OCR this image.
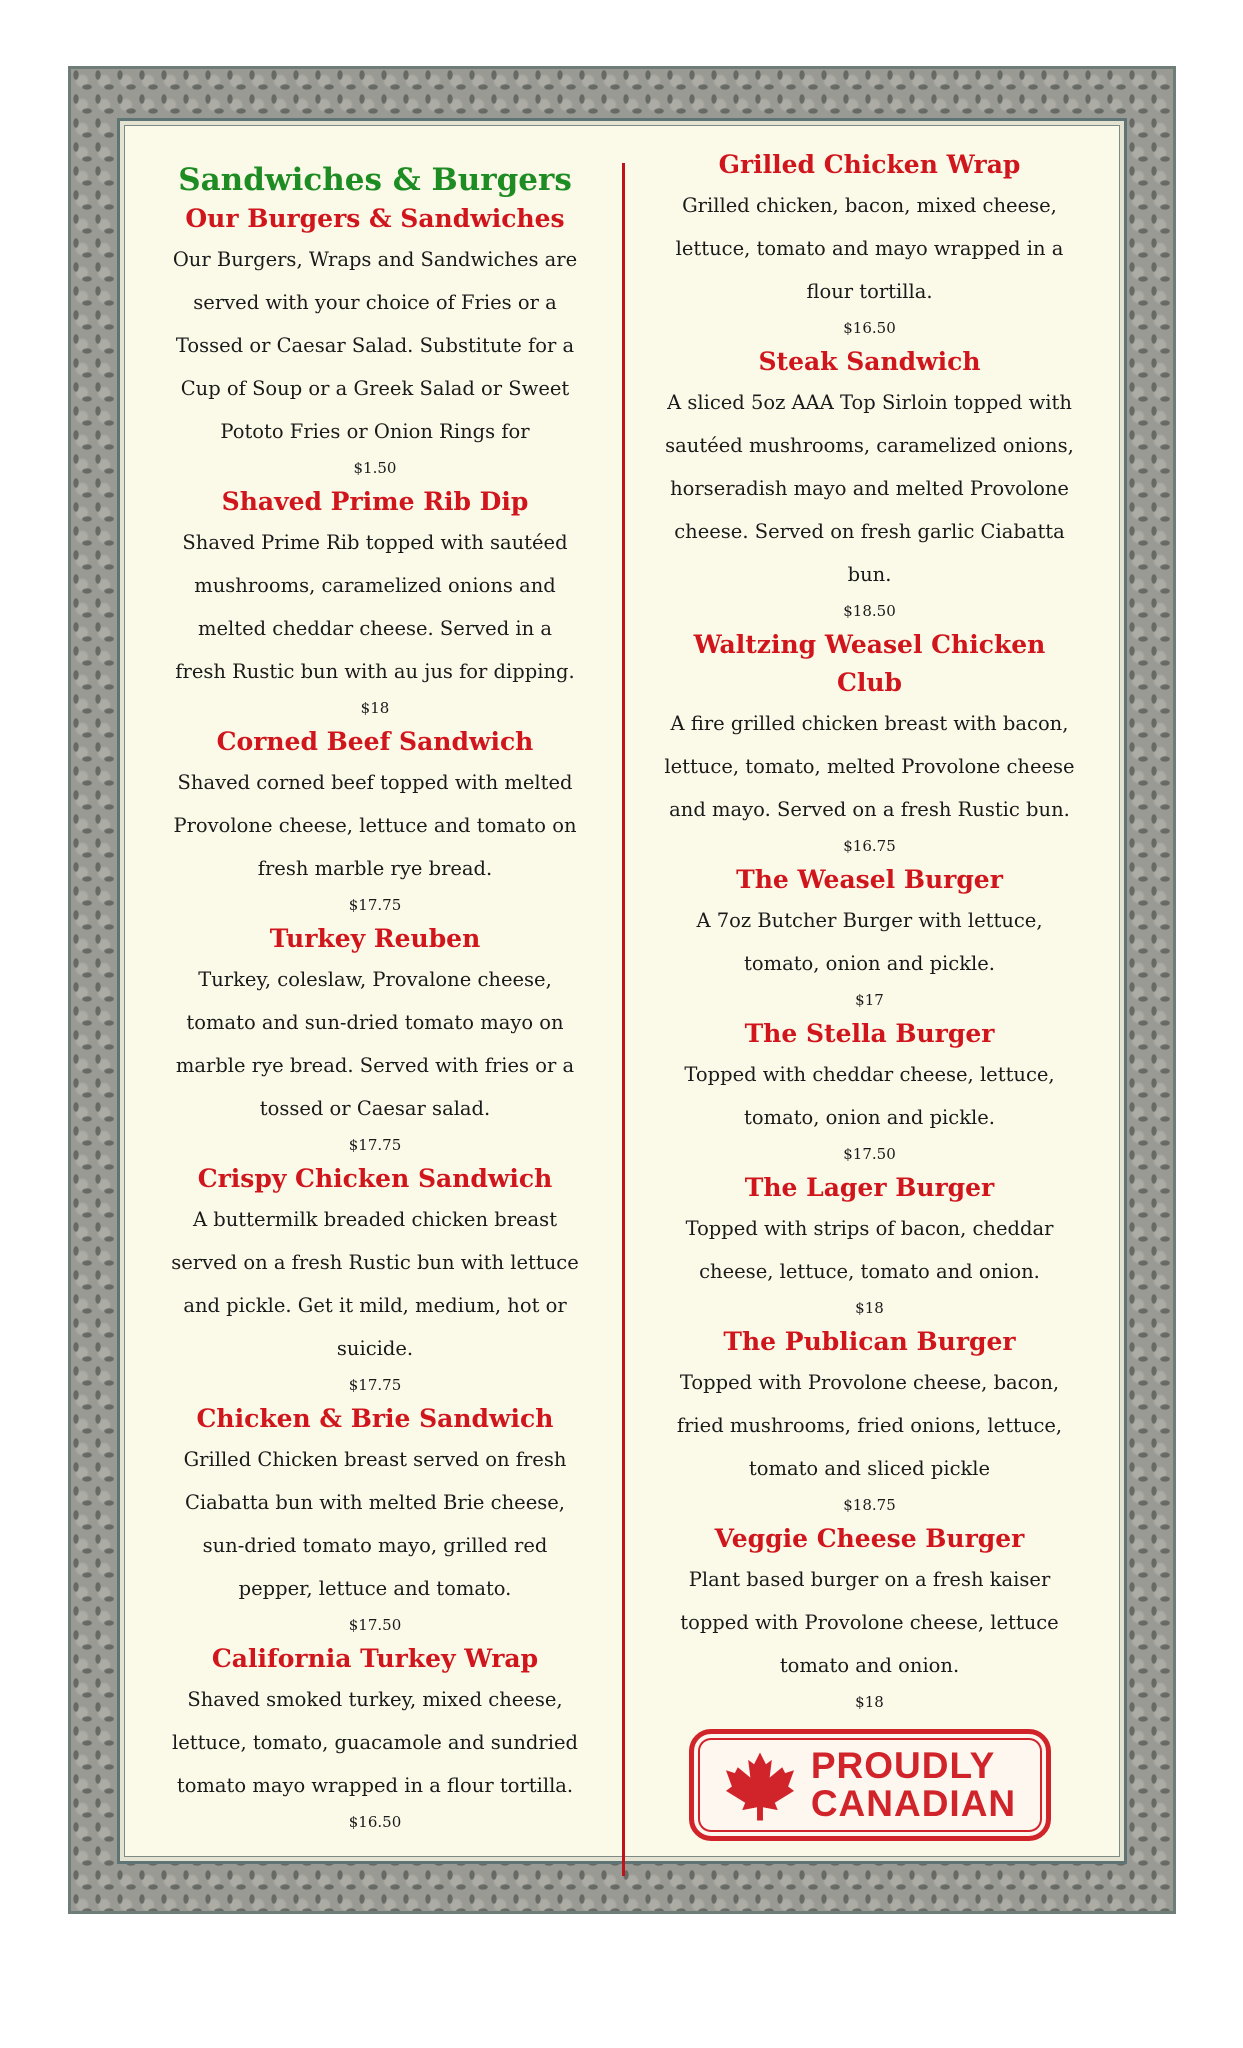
Sandwiches & Burgers
Our Burgers & Sandwiches

Our Burgers, Wraps and Sandwiches are served with your choice of Fries or a Tossed or Caesar Salad. Substitute for a Cup of Soup or a Greek Salad or Sweet Pototo Fries or Onion Rings for

$1.50

Shaved Prime Rib Dip

Shaved Prime Rib topped with sautéed mushrooms, caramelized onions and melted cheddar cheese. Served in a fresh Rustic bun with au jus for dipping.

$18

Corned Beef Sandwich

Shaved corned beef topped with melted Provolone cheese, lettuce and tomato on fresh marble rye bread.

$17.75

Turkey Reuben

Turkey, coleslaw, Provalone cheese, tomato and sun-dried tomato mayo on marble rye bread. Served with fries or a tossed or Caesar salad.

$17.75

Crispy Chicken Sandwich

A buttermilk breaded chicken breast served on a fresh Rustic bun with lettuce and pickle. Get it mild, medium, hot or suicide.

$17.75

Chicken & Brie Sandwich

Grilled Chicken breast served on fresh Ciabatta bun with melted Brie cheese, sun-dried tomato mayo, grilled red pepper, lettuce and tomato.

$17.50

California Turkey Wrap

Shaved smoked turkey, mixed cheese, lettuce, tomato, guacamole and sundried tomato mayo wrapped in a flour tortilla.

$16.50

Grilled Chicken Wrap

Grilled chicken, bacon, mixed cheese, lettuce, tomato and mayo wrapped in a flour tortilla.

$16.50

Steak Sandwich

A sliced 5oz AAA Top Sirloin topped with sautéed mushrooms, caramelized onions, horseradish mayo and melted Provolone cheese. Served on fresh garlic Ciabatta bun.

$18.50

Waltzing Weasel Chicken Club

A fire grilled chicken breast with bacon, lettuce, tomato, melted Provolone cheese and mayo. Served on a fresh Rustic bun.

$16.75

The Weasel Burger

A 7oz Butcher Burger with lettuce, tomato, onion and pickle.

$17

The Stella Burger

Topped with cheddar cheese, lettuce, tomato, onion and pickle.

$17.50

The Lager Burger

Topped with strips of bacon, cheddar cheese, lettuce, tomato and onion.

$18

The Publican Burger

Topped with Provolone cheese, bacon, fried mushrooms, fried onions, lettuce, tomato and sliced pickle

$18.75

Veggie Cheese Burger

Plant based burger on a fresh kaiser topped with Provolone cheese, lettuce tomato and onion.

$18

PROUDLY
CANADIAN
